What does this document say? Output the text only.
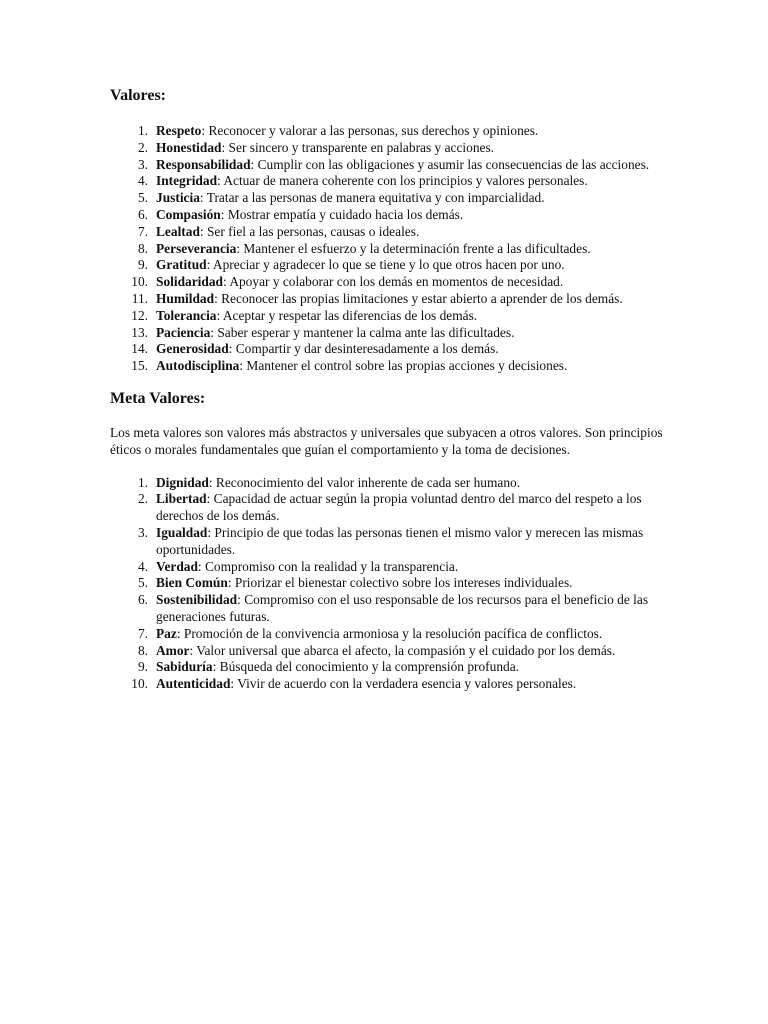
Valores:
1. Respeto: Reconocer y valorar a las personas, sus derechos y opiniones.
2. Honestidad: Ser sincero y transparente en palabras y acciones.
3. Responsabilidad: Cumplir con las obligaciones y asumir las consecuencias de las acciones.
4. Integridad: Actuar de manera coherente con los principios y valores personales.
5. Justicia: Tratar a las personas de manera equitativa y con imparcialidad.
6. Compasión: Mostrar empatía y cuidado hacia los demás.
7. Lealtad: Ser fiel a las personas, causas o ideales.
8. Perseverancia: Mantener el esfuerzo y la determinación frente a las dificultades.
9. Gratitud: Apreciar y agradecer lo que se tiene y lo que otros hacen por uno.
10. Solidaridad: Apoyar y colaborar con los demás en momentos de necesidad.
11. Humildad: Reconocer las propias limitaciones y estar abierto a aprender de los demás.
12. Tolerancia: Aceptar y respetar las diferencias de los demás.
13. Paciencia: Saber esperar y mantener la calma ante las dificultades.
14. Generosidad: Compartir y dar desinteresadamente a los demás.
15. Autodisciplina: Mantener el control sobre las propias acciones y decisiones.
Meta Valores:

Los meta valores son valores más abstractos y universales que subyacen a otros valores. Son principios éticos o morales fundamentales que guían el comportamiento y la toma de decisiones.

1. Dignidad: Reconocimiento del valor inherente de cada ser humano.
2. Libertad: Capacidad de actuar según la propia voluntad dentro del marco del respeto a los derechos de los demás.
3. Igualdad: Principio de que todas las personas tienen el mismo valor y merecen las mismas oportunidades.
4. Verdad: Compromiso con la realidad y la transparencia.
5. Bien Común: Priorizar el bienestar colectivo sobre los intereses individuales.
6. Sostenibilidad: Compromiso con el uso responsable de los recursos para el beneficio de las generaciones futuras.
7. Paz: Promoción de la convivencia armoniosa y la resolución pacífica de conflictos.
8. Amor: Valor universal que abarca el afecto, la compasión y el cuidado por los demás.
9. Sabiduría: Búsqueda del conocimiento y la comprensión profunda.
10. Autenticidad: Vivir de acuerdo con la verdadera esencia y valores personales.
